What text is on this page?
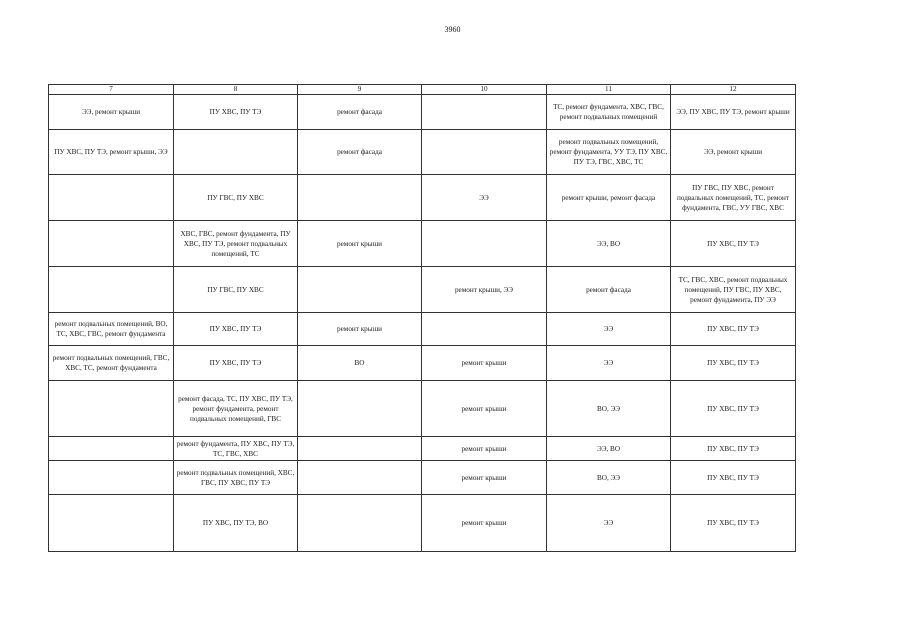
3960
7	8	9	10	11	12
ЭЭ, ремонт крыши	ПУ ХВС, ПУ ТЭ	ремонт фасада		ТС, ремонт фундамента, ХВС, ГВС, ремонт подвальных помещений	ЭЭ, ПУ ХВС, ПУ ТЭ, ремонт крыши
ПУ ХВС, ПУ ТЭ, ремонт крыши, ЭЭ		ремонт фасада		ремонт подвальных помещений, ремонт фундамента, УУ ТЭ, ПУ ХВС, ПУ ТЭ, ГВС, ХВС, ТС	ЭЭ, ремонт крыши
	ПУ ГВС, ПУ ХВС		ЭЭ	ремонт крыши, ремонт фасада	ПУ ГВС, ПУ ХВС, ремонт подвальных помещений, ТС, ремонт фундамента, ГВС, УУ ГВС, ХВС
	ХВС, ГВС, ремонт фундамента, ПУ ХВС, ПУ ТЭ, ремонт подвальных помещений, ТС	ремонт крыши		ЭЭ, ВО	ПУ ХВС, ПУ ТЭ
	ПУ ГВС, ПУ ХВС		ремонт крыши, ЭЭ	ремонт фасада	ТС, ГВС, ХВС, ремонт подвальных помещений, ПУ ГВС, ПУ ХВС, ремонт фундамента, ПУ ЭЭ
ремонт подвальных помещений, ВО, ТС, ХВС, ГВС, ремонт фундамента	ПУ ХВС, ПУ ТЭ	ремонт крыши		ЭЭ	ПУ ХВС, ПУ ТЭ
ремонт подвальных помещений, ГВС, ХВС, ТС, ремонт фундамента	ПУ ХВС, ПУ ТЭ	ВО	ремонт крыши	ЭЭ	ПУ ХВС, ПУ ТЭ
	ремонт фасада, ТС, ПУ ХВС, ПУ ТЭ, ремонт фундамента, ремонт подвальных помещений, ГВС		ремонт крыши	ВО, ЭЭ	ПУ ХВС, ПУ ТЭ
	ремонт фундамента, ПУ ХВС, ПУ ТЭ, ТС, ГВС, ХВС		ремонт крыши	ЭЭ, ВО	ПУ ХВС, ПУ ТЭ
	ремонт подвальных помещений, ХВС, ГВС, ПУ ХВС, ПУ ТЭ		ремонт крыши	ВО, ЭЭ	ПУ ХВС, ПУ ТЭ
	ПУ ХВС, ПУ ТЭ, ВО		ремонт крыши	ЭЭ	ПУ ХВС, ПУ ТЭ
